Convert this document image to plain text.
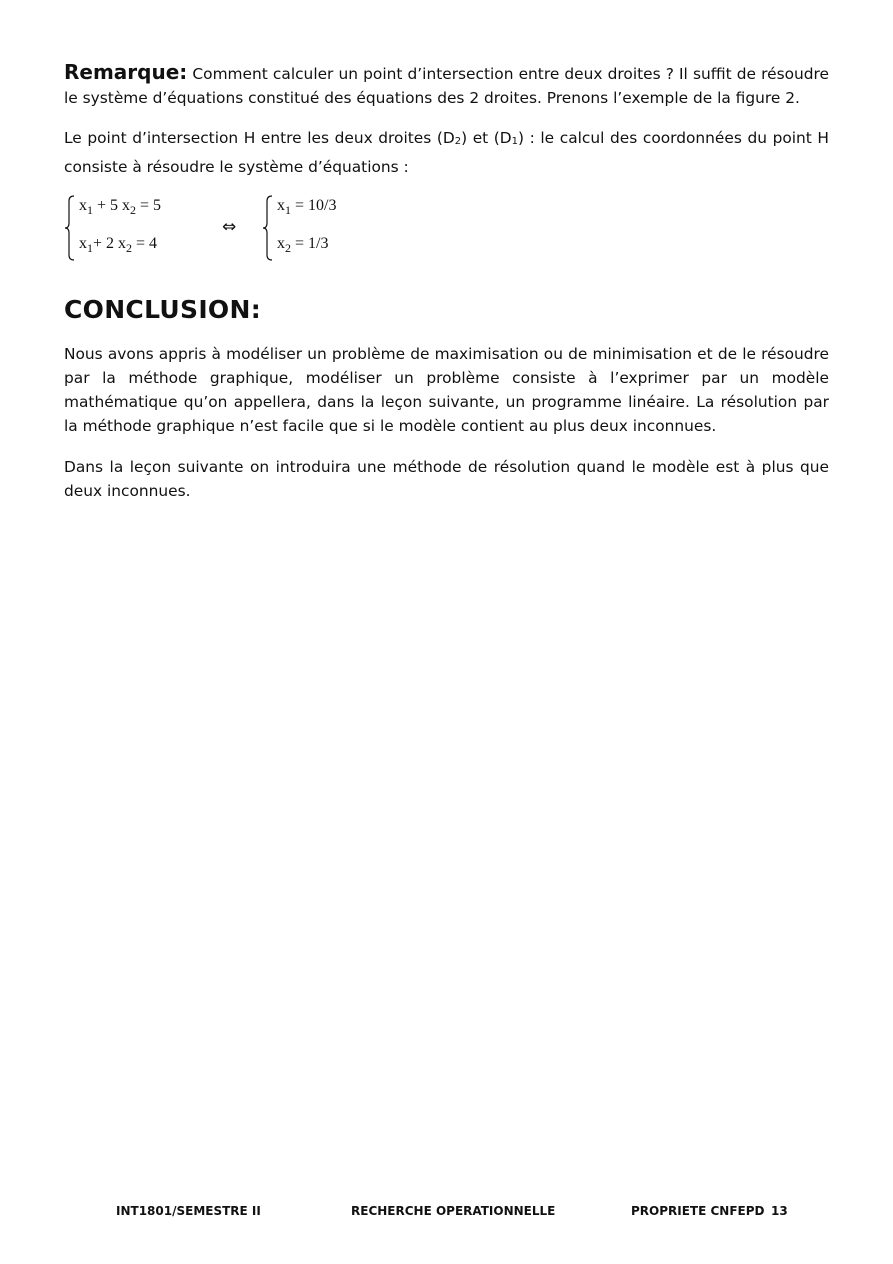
Remarque: Comment calculer un point d’intersection entre deux droites ? Il suffit de résoudre le système d’équations constitué des équations des 2 droites. Prenons l’exemple de la figure 2.

Le point d’intersection H entre les deux droites $(D_2)$ et $(D_1)$ : le calcul des coordonnées du point H consiste à résoudre le système d’équations :

$x_1 + 5$ $x_2 = 5$
$x_1+ 2$ $x_2 = 4$
⇔
$x_1 = 10/3$
$x_2 = 1/3$
CONCLUSION:

Nous avons appris à modéliser un problème de maximisation ou de minimisation et de le résoudre par la méthode graphique, modéliser un problème consiste à l’exprimer par un modèle mathématique qu’on appellera, dans la leçon suivante, un programme linéaire. La résolution par la méthode graphique n’est facile que si le modèle contient au plus deux inconnues.

Dans la leçon suivante on introduira une méthode de résolution quand le modèle est à plus que deux inconnues.

INT1801/SEMESTRE II	RECHERCHE OPERATIONNELLE	PROPRIETE CNFEPD 13
